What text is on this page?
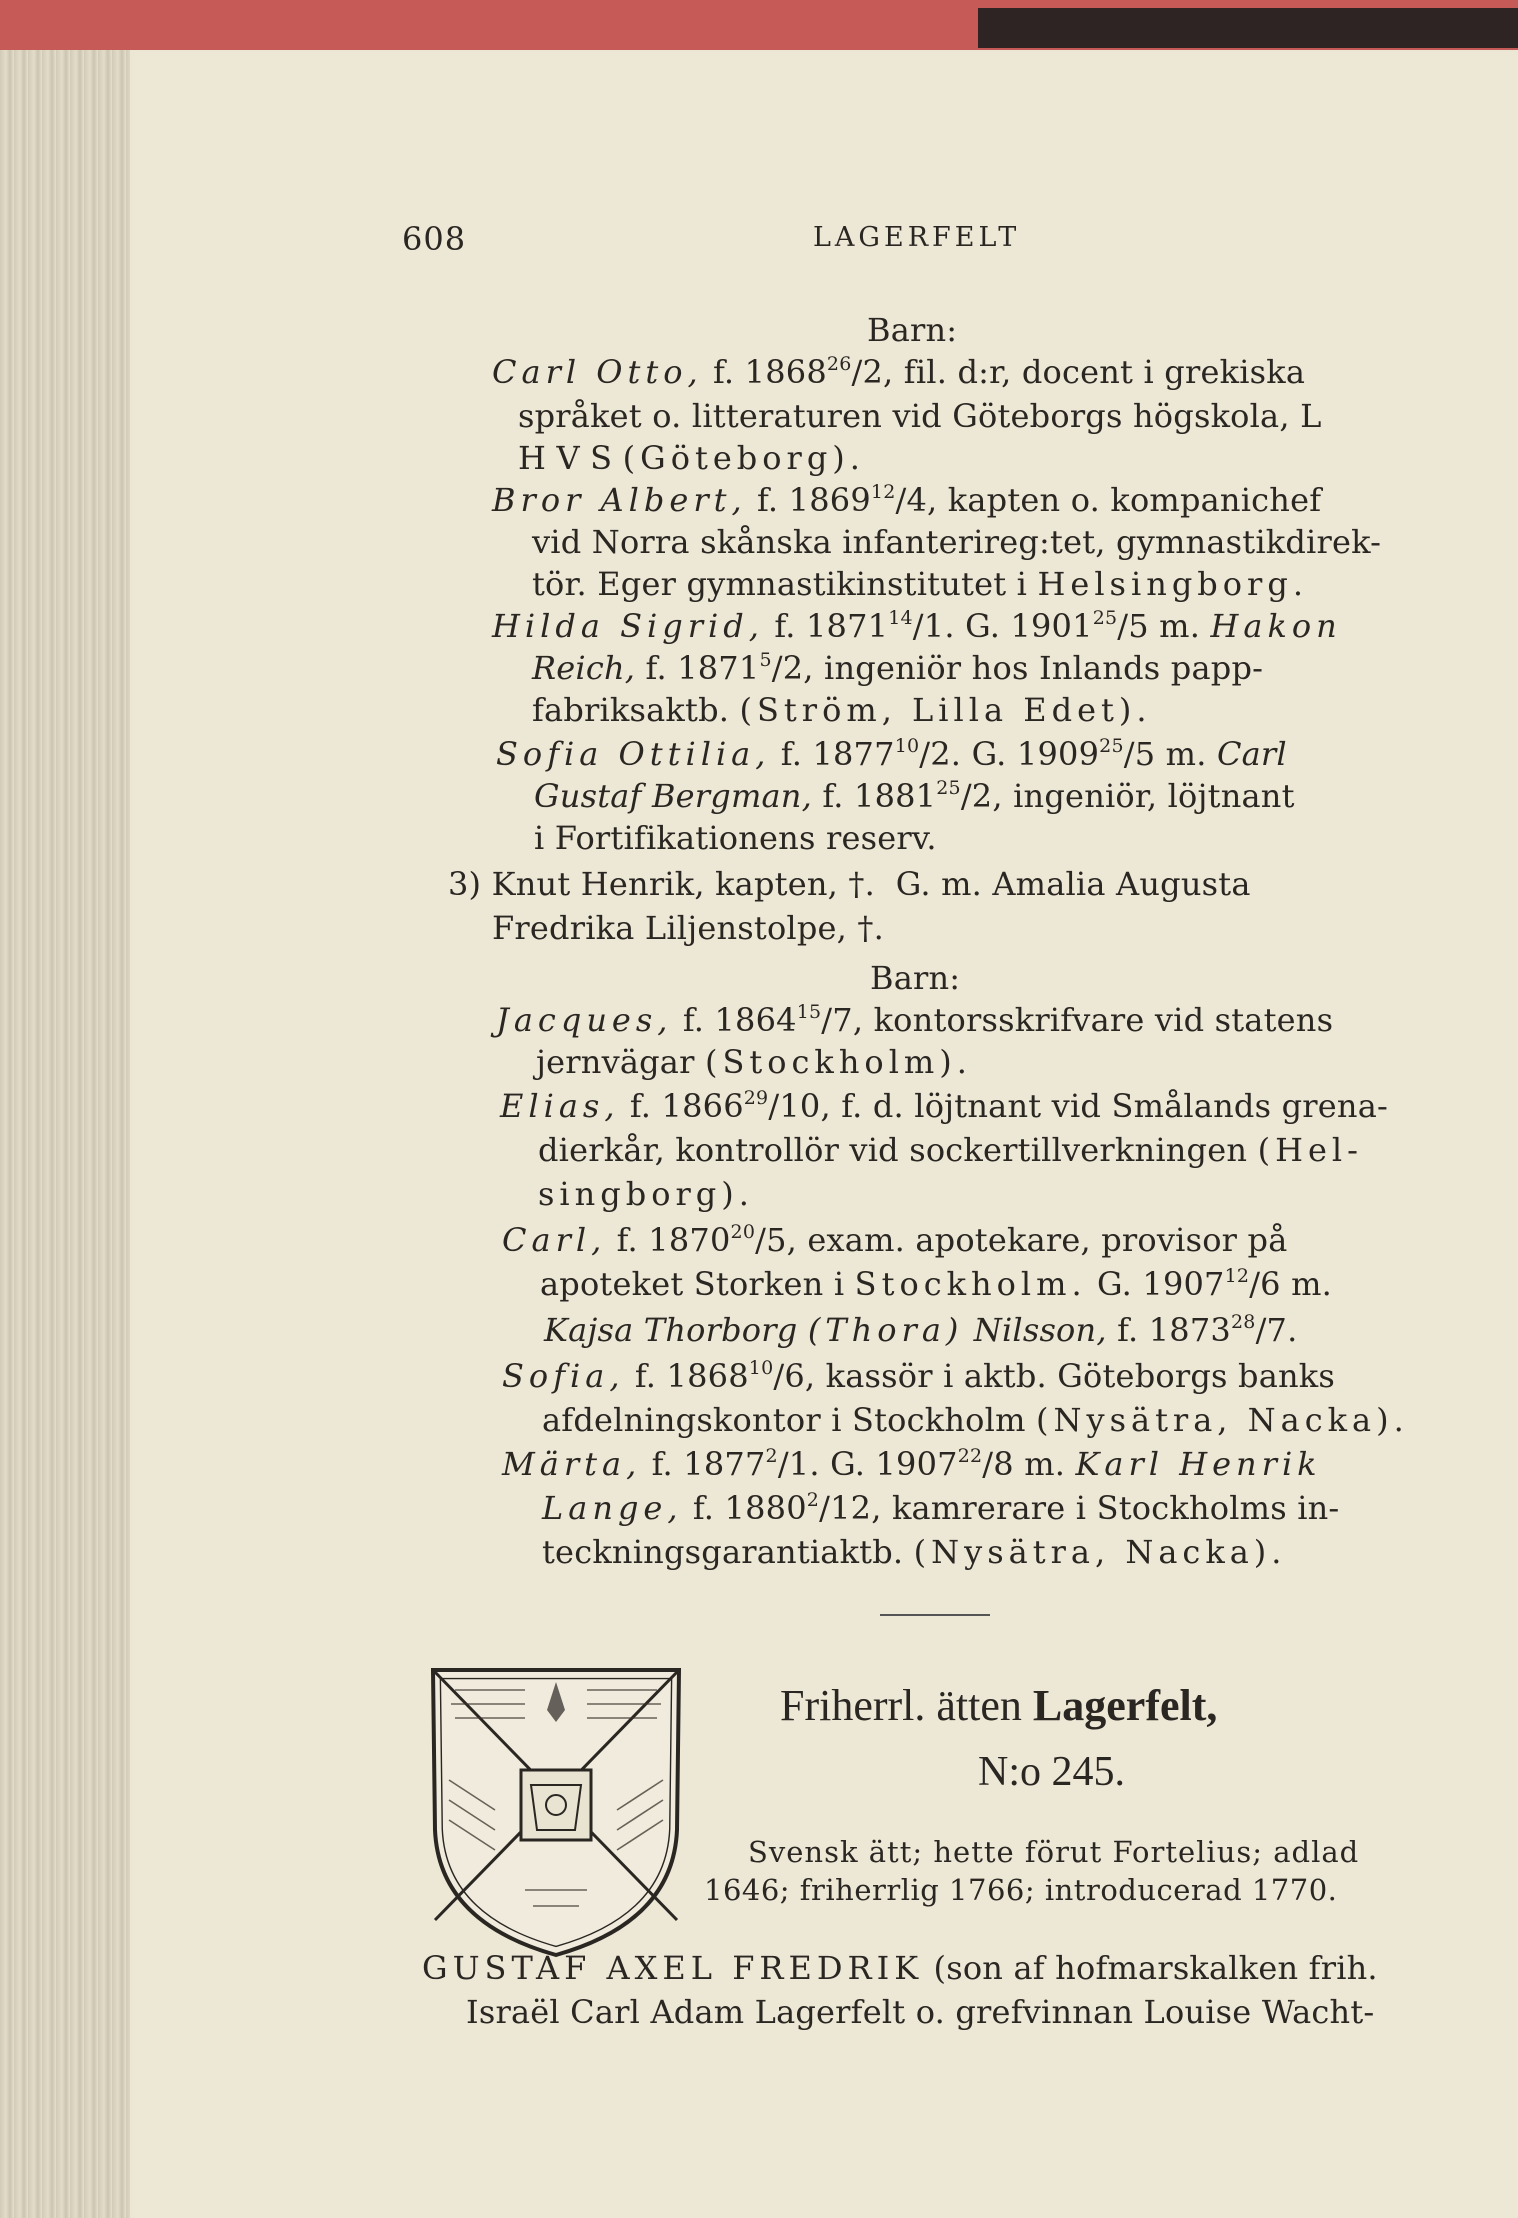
608	LAGERFELT
Barn:
Carl Otto, f. 1868$^{26}$/2, fil. d:r, docent i grekiska
språket o. litteraturen vid Göteborgs högskola, L
H V S (Göteborg).
Bror Albert, f. 1869$^{12}$/4, kapten o. kompanichef
vid Norra skånska infanterireg:tet, gymnastikdirek-
tör. Eger gymnastikinstitutet i Helsingborg.
Hilda Sigrid, f. 1871$^{14}$/1. G. 1901$^{25}$/5 m. Hakon
Reich, f. 1871$^5$/2, ingeniör hos Inlands papp-
fabriksaktb. (Ström, Lilla Edet).
Sofia Ottilia, f. 1877$^{10}$/2. G. 1909$^{25}$/5 m. Carl
Gustaf Bergman, f. 1881$^{25}$/2, ingeniör, löjtnant
i Fortifikationens reserv.
3) Knut Henrik, kapten, †. G. m. Amalia Augusta
Fredrika Liljenstolpe, †.
Barn:
Jacques, f. 1864$^{15}$/7, kontorsskrifvare vid statens
jernvägar (Stockholm).
Elias, f. 1866$^{29}$/10, f. d. löjtnant vid Smålands grena-
dierkår, kontrollör vid sockertillverkningen (Hel-
singborg).
Carl, f. 1870$^{20}$/5, exam. apotekare, provisor på
apoteket Storken i Stockholm. G. 1907$^{12}$/6 m.
Kajsa Thorborg (Thora) Nilsson, f. 1873$^{28}$/7.
Sofia, f. 1868$^{10}$/6, kassör i aktb. Göteborgs banks
afdelningskontor i Stockholm (Nysätra, Nacka).
Märta, f. 1877$^2$/1. G. 1907$^{22}$/8 m. Karl Henrik
Lange, f. 1880$^2$/12, kamrerare i Stockholms in-
teckningsgarantiaktb. (Nysätra, Nacka).
Friherrl. ätten Lagerfelt,
N:o 245.
Svensk ätt; hette förut Fortelius; adlad
1646; friherrlig 1766; introducerad 1770.
GUSTAF AXEL FREDRIK (son af hofmarskalken frih.
Israël Carl Adam Lagerfelt o. grefvinnan Louise Wacht-
